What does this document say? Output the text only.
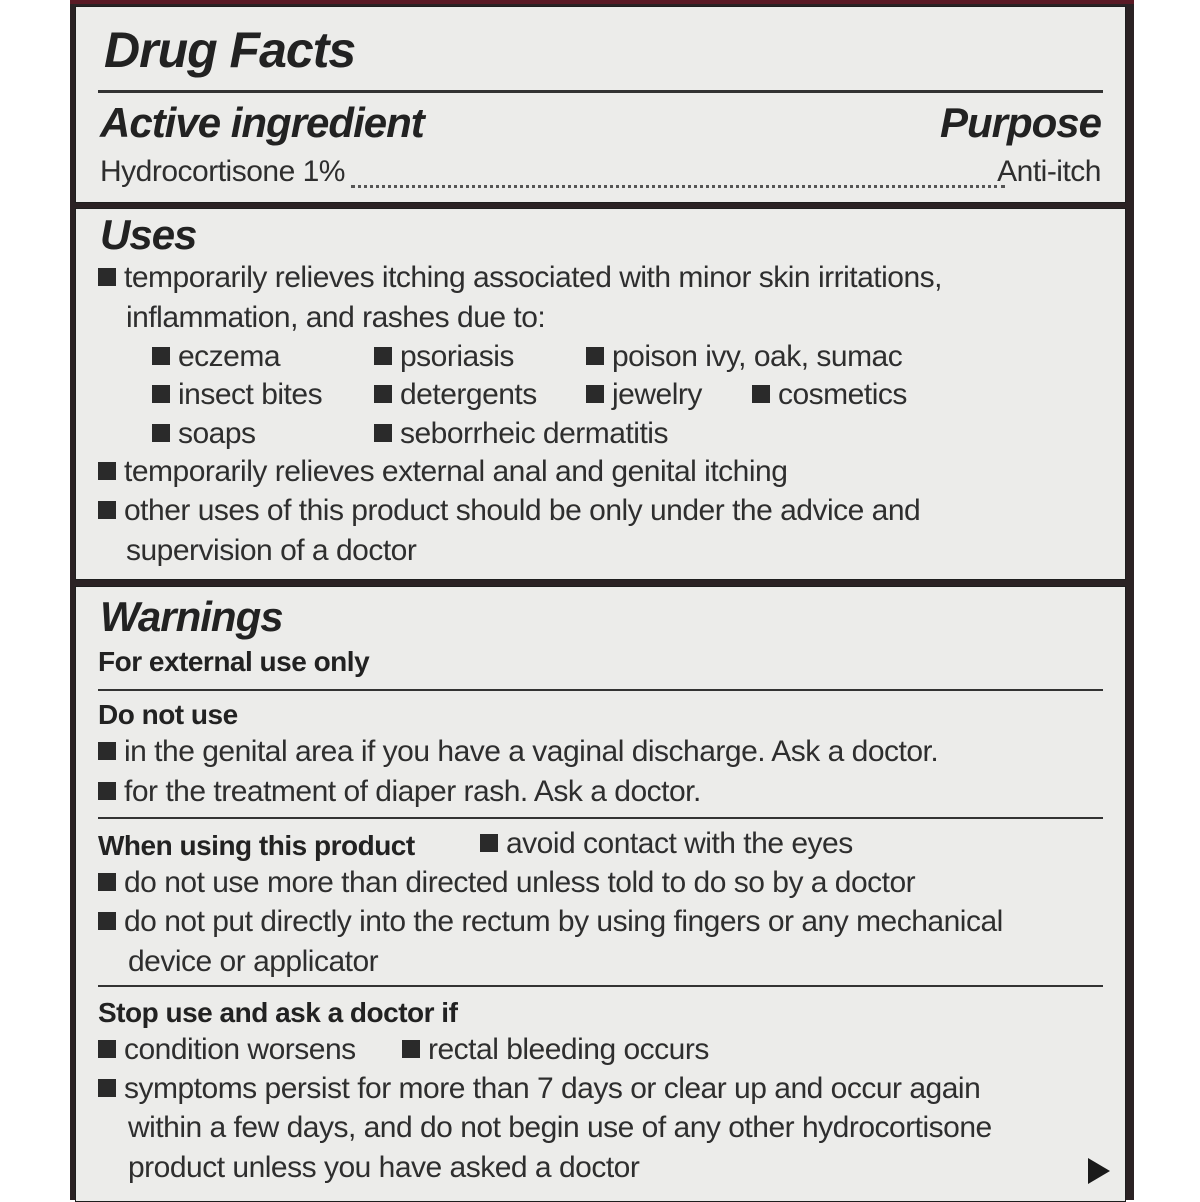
Drug Facts
Active ingredient	Purpose
Hydrocortisone 1%	Anti-itch
Uses
temporarily relieves itching associated with minor skin irritations,
inflammation, and rashes due to:
eczema	psoriasis	poison ivy, oak, sumac
insect bites	detergents	jewelry	cosmetics
soaps	seborrheic dermatitis
temporarily relieves external anal and genital itching
other uses of this product should be only under the advice and
supervision of a doctor
Warnings
For external use only
Do not use
in the genital area if you have a vaginal discharge. Ask a doctor.
for the treatment of diaper rash. Ask a doctor.
When using this product	avoid contact with the eyes
do not use more than directed unless told to do so by a doctor
do not put directly into the rectum by using fingers or any mechanical
device or applicator
Stop use and ask a doctor if
condition worsens	rectal bleeding occurs
symptoms persist for more than 7 days or clear up and occur again
within a few days, and do not begin use of any other hydrocortisone
product unless you have asked a doctor
